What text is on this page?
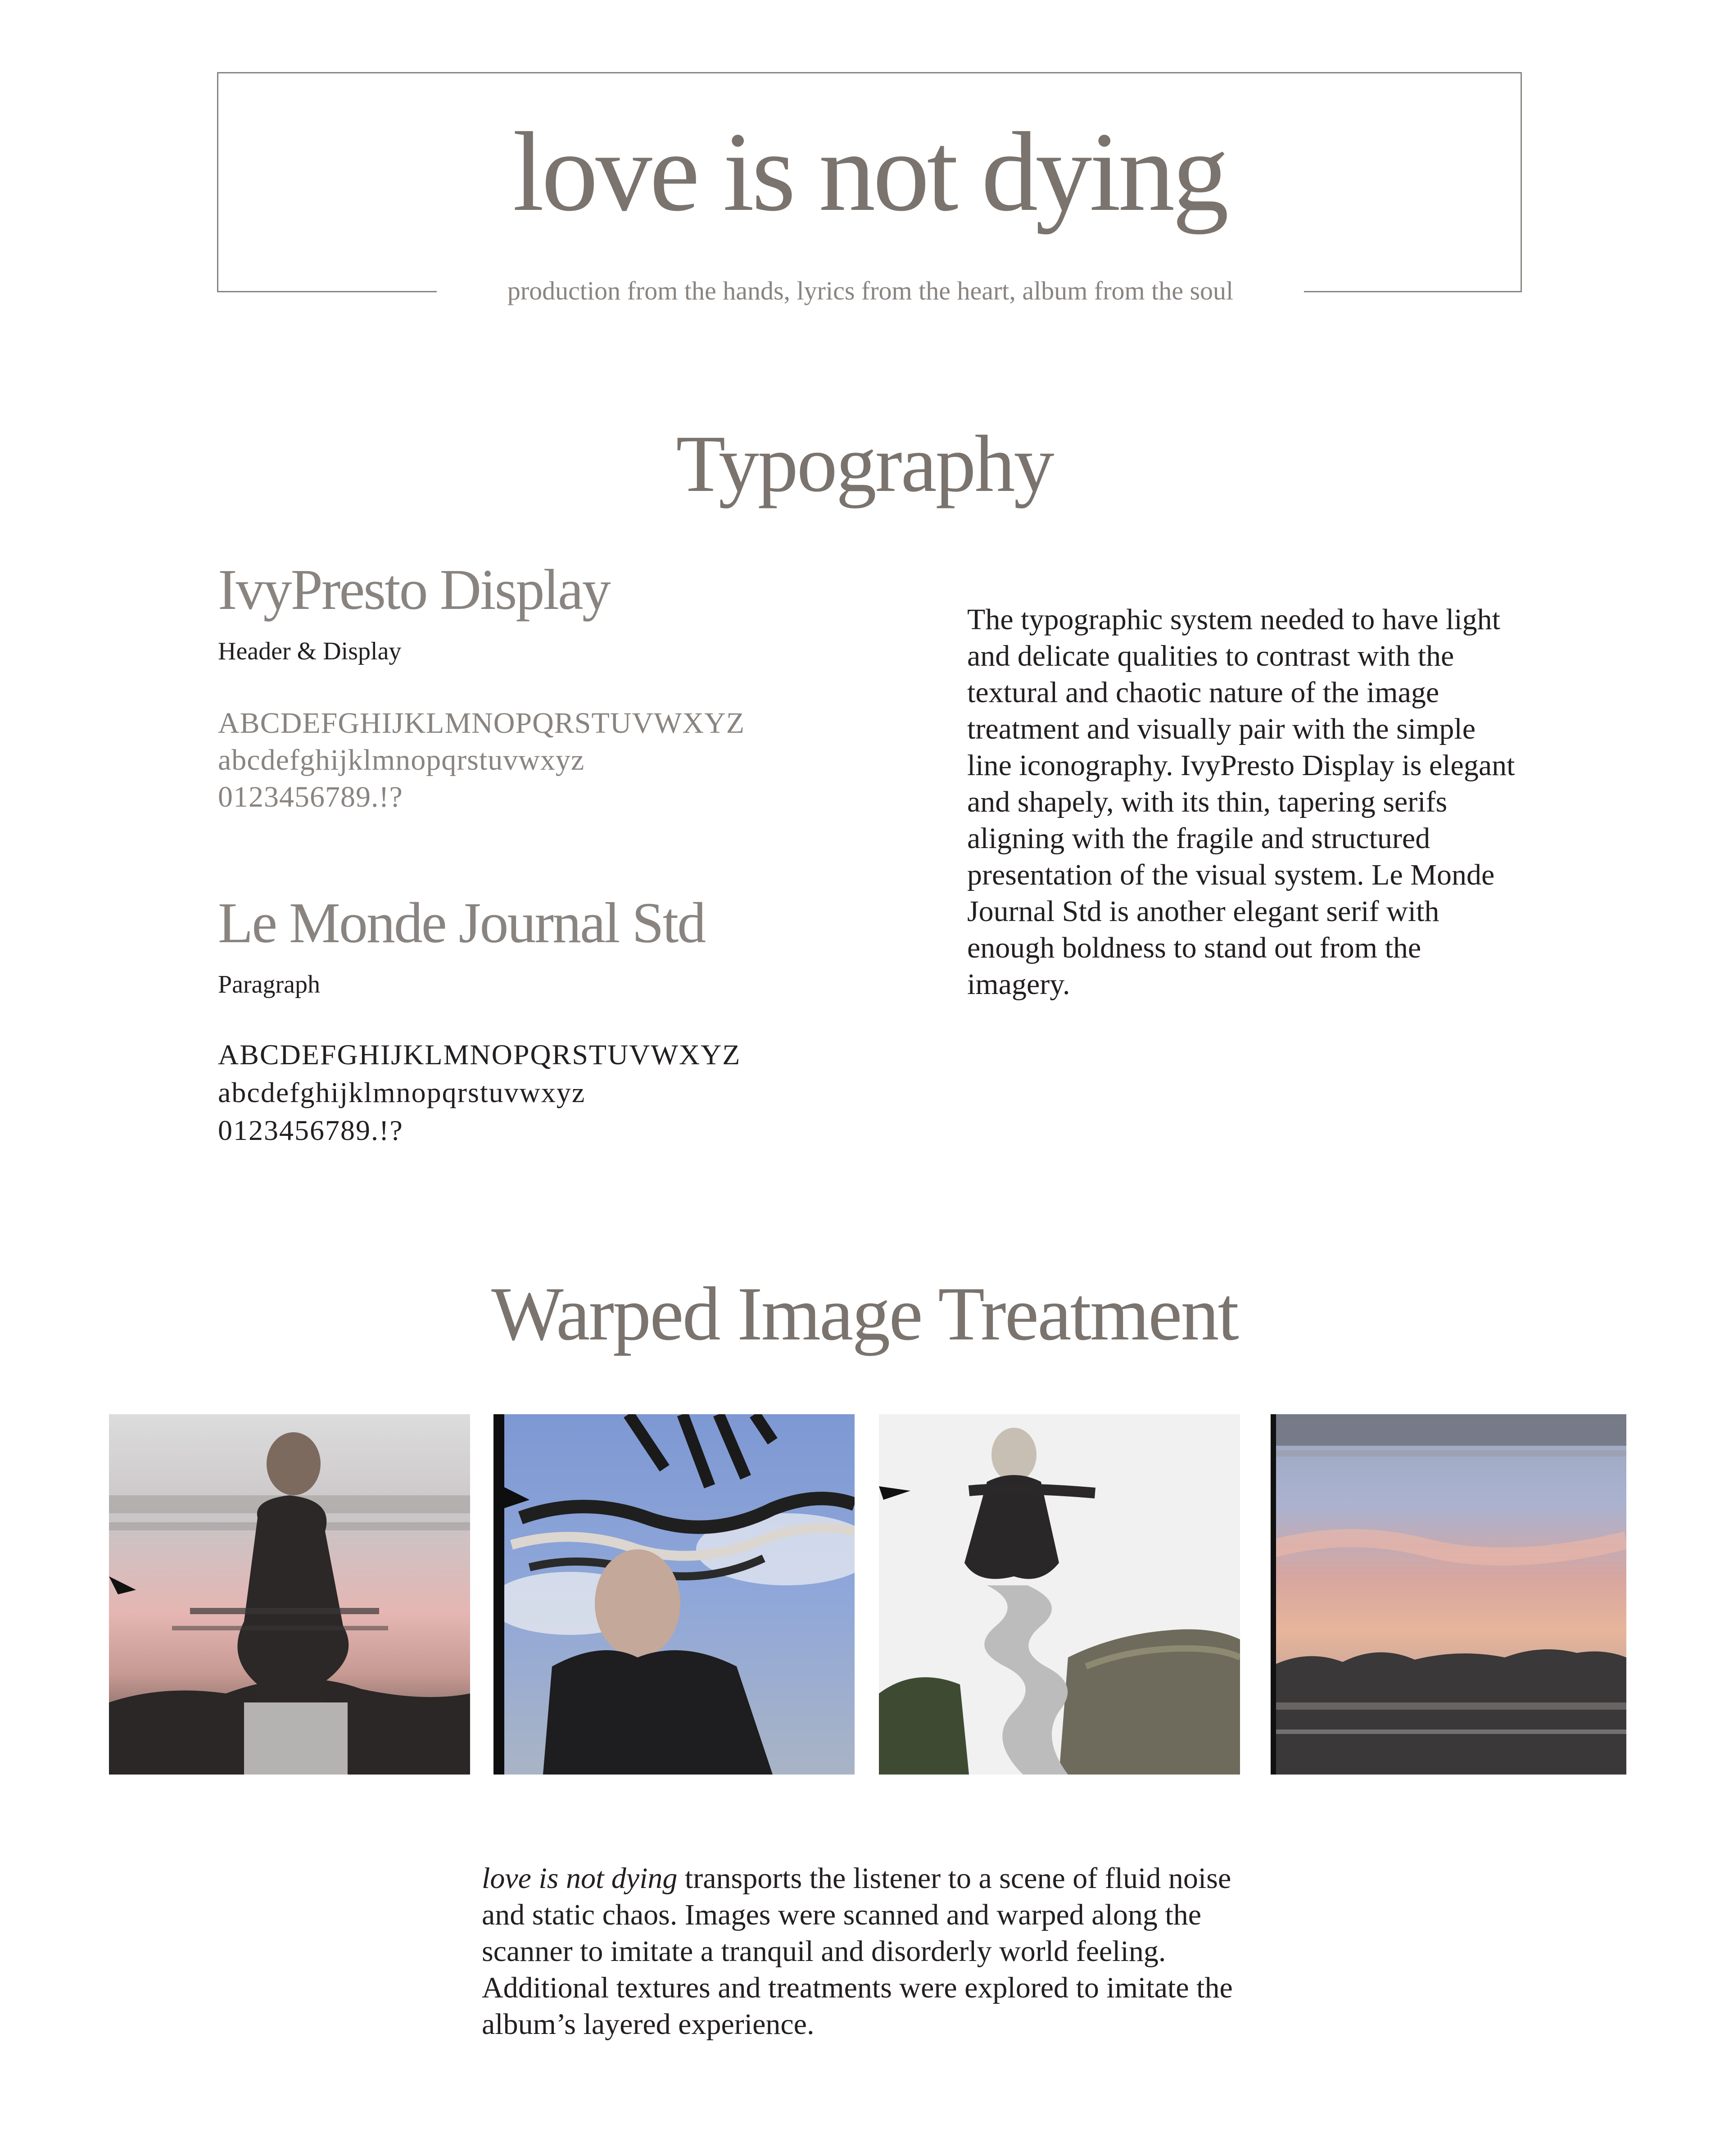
love is not dying
production from the hands, lyrics from the heart, album from the soul
Typography
IvyPresto Display
Header & Display
ABCDEFGHIJKLMNOPQRSTUVWXYZ
abcdefghijklmnopqrstuvwxyz
0123456789.!?
Le Monde Journal Std
Paragraph
ABCDEFGHIJKLMNOPQRSTUVWXYZ
abcdefghijklmnopqrstuvwxyz
0123456789.!?
The typographic system needed to have light and delicate qualities to contrast with the textural and chaotic nature of the image treatment and visually pair with the simple line iconography. IvyPresto Display is elegant and shapely, with its thin, tapering serifs aligning with the fragile and structured presentation of the visual system. Le Monde Journal Std is another elegant serif with enough boldness to stand out from the imagery.
Warped Image Treatment
love is not dying transports the listener to a scene of fluid noise and static chaos. Images were scanned and warped along the scanner to imitate a tranquil and disorderly world feeling. Additional textures and treatments were explored to imitate the album’s layered experience.
